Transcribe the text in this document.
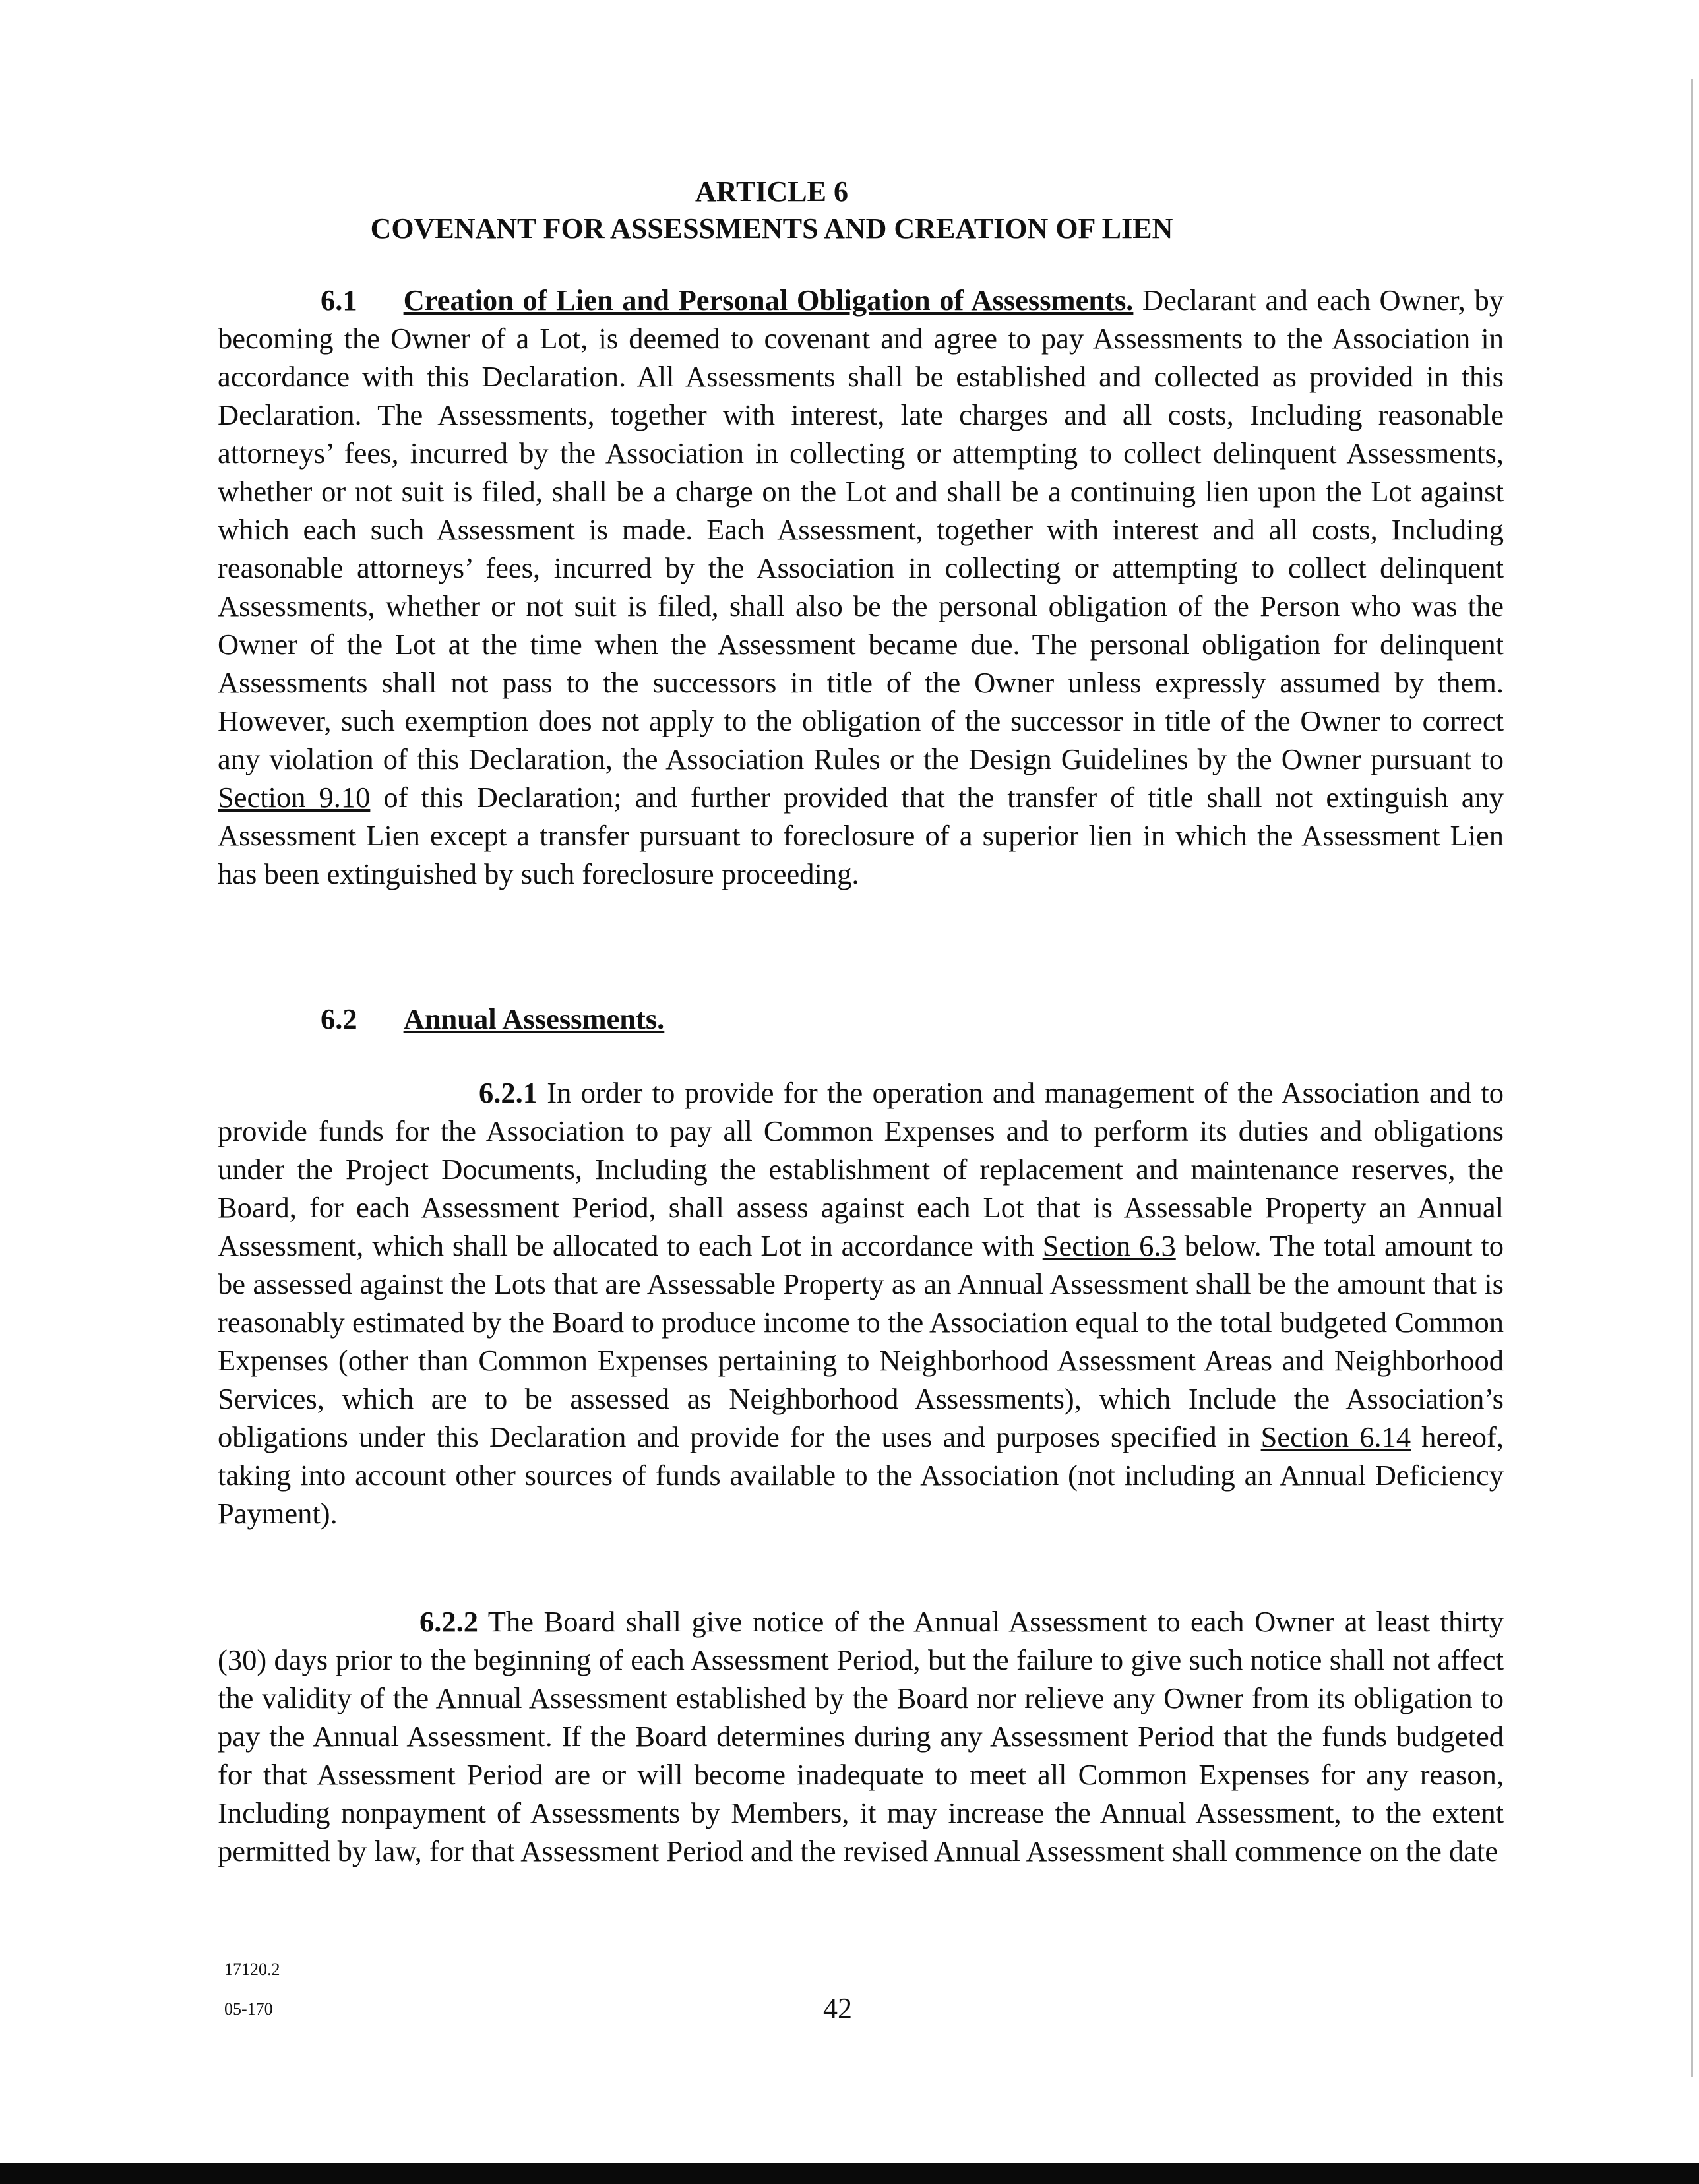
ARTICLE 6
COVENANT FOR ASSESSMENTS AND CREATION OF LIEN

6.1 Creation of Lien and Personal Obligation of Assessments. Declarant and each Owner, by becoming the Owner of a Lot, is deemed to covenant and agree to pay Assessments to the Association in accordance with this Declaration. All Assessments shall be established and collected as provided in this Declaration. The Assessments, together with interest, late charges and all costs, Including reasonable attorneys’ fees, incurred by the Association in collecting or attempting to collect delinquent Assessments, whether or not suit is filed, shall be a charge on the Lot and shall be a continuing lien upon the Lot against which each such Assessment is made. Each Assessment, together with interest and all costs, Including reasonable attorneys’ fees, incurred by the Association in collecting or attempting to collect delinquent Assessments, whether or not suit is filed, shall also be the personal obligation of the Person who was the Owner of the Lot at the time when the Assessment became due. The personal obligation for delinquent Assessments shall not pass to the successors in title of the Owner unless expressly assumed by them. However, such exemption does not apply to the obligation of the successor in title of the Owner to correct any violation of this Declaration, the Association Rules or the Design Guidelines by the Owner pursuant to Section 9.10 of this Declaration; and further provided that the transfer of title shall not extinguish any Assessment Lien except a transfer pursuant to foreclosure of a superior lien in which the Assessment Lien has been extinguished by such foreclosure proceeding.

6.2 Annual Assessments.

6.2.1 In order to provide for the operation and management of the Association and to provide funds for the Association to pay all Common Expenses and to perform its duties and obligations under the Project Documents, Including the establishment of replacement and maintenance reserves, the Board, for each Assessment Period, shall assess against each Lot that is Assessable Property an Annual Assessment, which shall be allocated to each Lot in accordance with Section 6.3 below. The total amount to be assessed against the Lots that are Assessable Property as an Annual Assessment shall be the amount that is reasonably estimated by the Board to produce income to the Association equal to the total budgeted Common Expenses (other than Common Expenses pertaining to Neighborhood Assessment Areas and Neighborhood Services, which are to be assessed as Neighborhood Assessments), which Include the Association’s obligations under this Declaration and provide for the uses and purposes specified in Section 6.14 hereof, taking into account other sources of funds available to the Association (not including an Annual Deficiency Payment).

6.2.2 The Board shall give notice of the Annual Assessment to each Owner at least thirty (30) days prior to the beginning of each Assessment Period, but the failure to give such notice shall not affect the validity of the Annual Assessment established by the Board nor relieve any Owner from its obligation to pay the Annual Assessment. If the Board determines during any Assessment Period that the funds budgeted for that Assessment Period are or will become inadequate to meet all Common Expenses for any reason, Including nonpayment of Assessments by Members, it may increase the Annual Assessment, to the extent permitted by law, for that Assessment Period and the revised Annual Assessment shall commence on the date

17120.2
05-170	42
